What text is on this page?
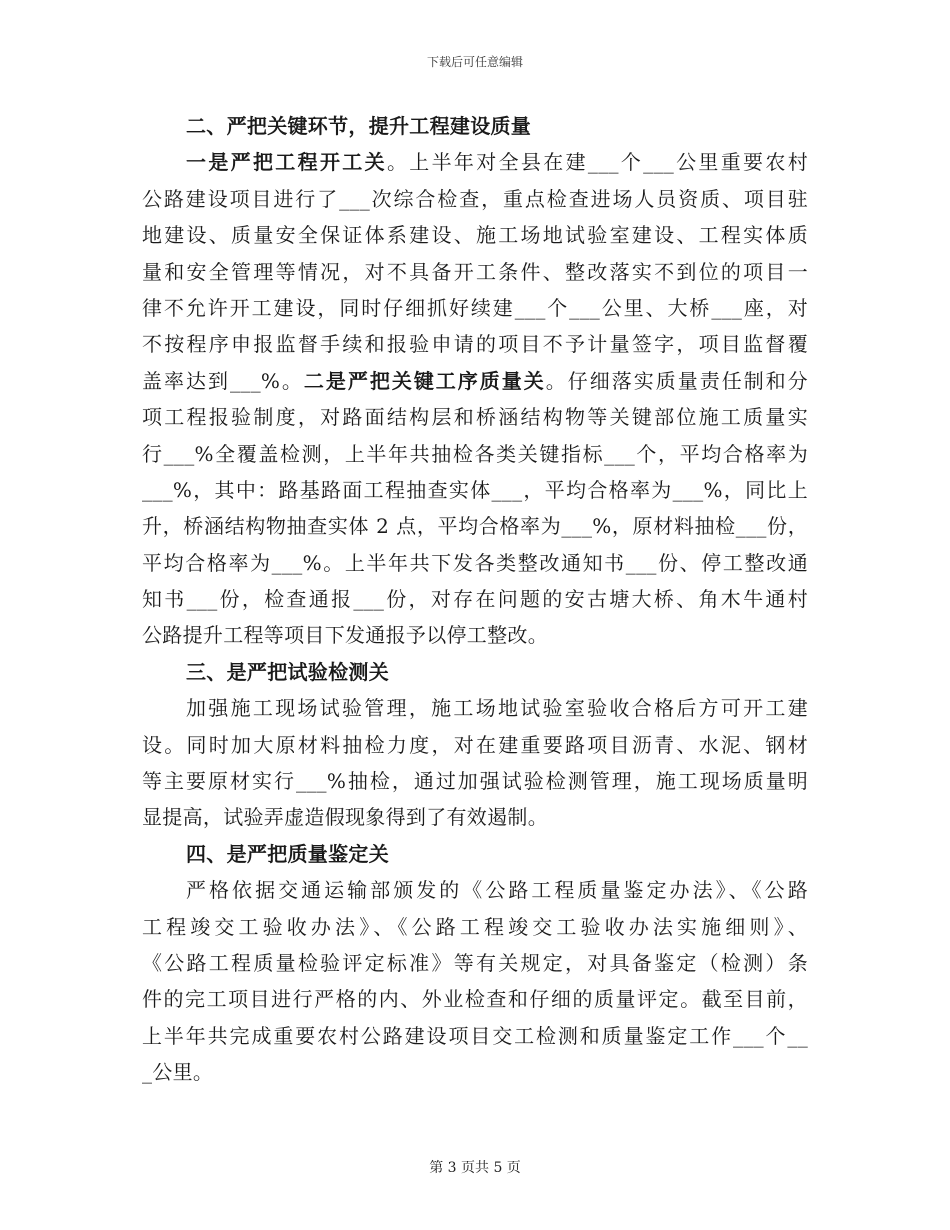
下载后可任意编辑
二、严把关键环节，提升工程建设质量
一是严把工程开工关。上半年对全县在建___个___公里重要农村
公路建设项目进行了___次综合检查，重点检查进场人员资质、项目驻
地建设、质量安全保证体系建设、施工场地试验室建设、工程实体质
量和安全管理等情况，对不具备开工条件、整改落实不到位的项目一
律不允许开工建设，同时仔细抓好续建___个___公里、大桥___座，对
不按程序申报监督手续和报验申请的项目不予计量签字，项目监督覆
盖率达到___%。二是严把关键工序质量关。仔细落实质量责任制和分
项工程报验制度，对路面结构层和桥涵结构物等关键部位施工质量实
行___%全覆盖检测，上半年共抽检各类关键指标___个，平均合格率为
___%，其中：路基路面工程抽查实体___，平均合格率为___%，同比上
升，桥涵结构物抽查实体 2 点，平均合格率为___%，原材料抽检___份，
平均合格率为___%。上半年共下发各类整改通知书___份、停工整改通
知书___份，检查通报___份，对存在问题的安古塘大桥、角木牛通村
公路提升工程等项目下发通报予以停工整改。
三、是严把试验检测关
加强施工现场试验管理，施工场地试验室验收合格后方可开工建
设。同时加大原材料抽检力度，对在建重要路项目沥青、水泥、钢材
等主要原材实行___%抽检，通过加强试验检测管理，施工现场质量明
显提高，试验弄虚造假现象得到了有效遏制。
四、是严把质量鉴定关
严格依据交通运输部颁发的《公路工程质量鉴定办法》、《公路
工程竣交工验收办法》、《公路工程竣交工验收办法实施细则》、
《公路工程质量检验评定标准》等有关规定，对具备鉴定（检测）条
件的完工项目进行严格的内、外业检查和仔细的质量评定。截至目前，
上半年共完成重要农村公路建设项目交工检测和质量鉴定工作___个__
_公里。
第 3 页共 5 页
